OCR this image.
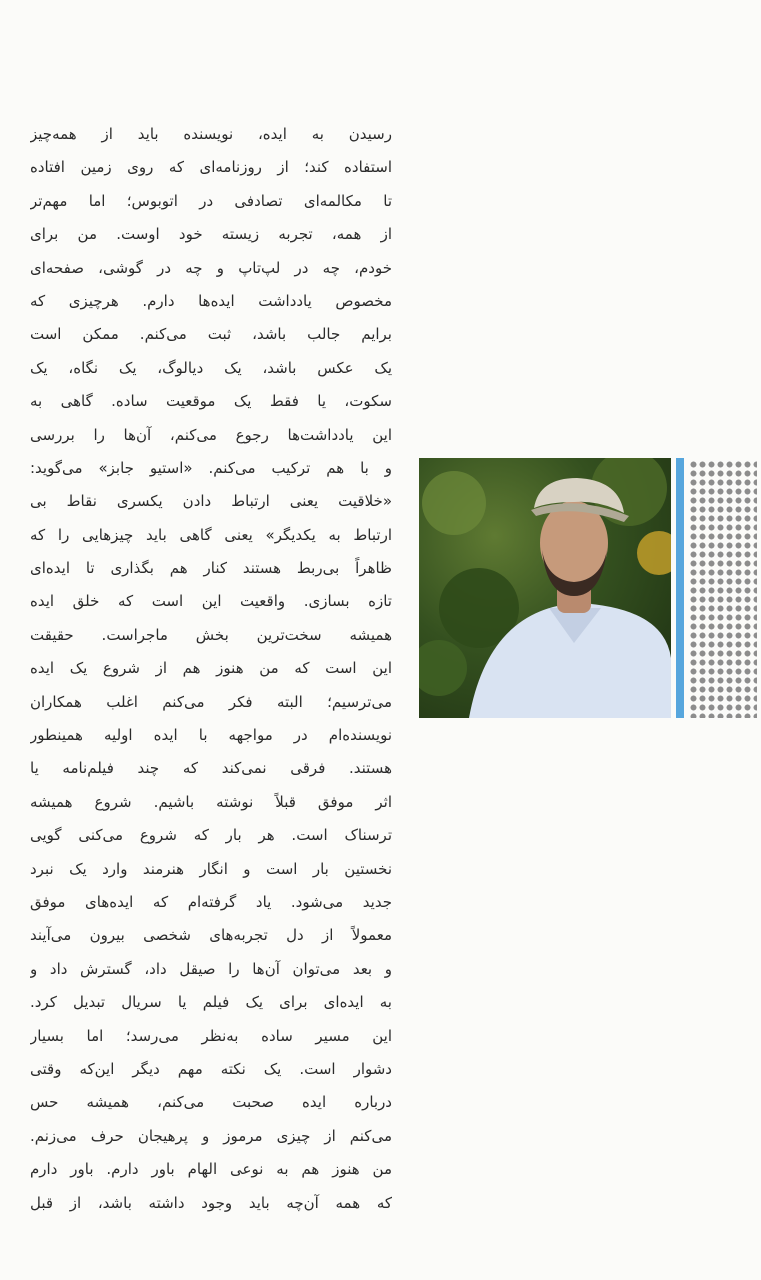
رسیدن به ایده، نویسنده باید از همه‌چیز
استفاده کند؛ از روزنامه‌ای که روی زمین افتاده
تا مکالمه‌ای تصادفی در اتوبوس؛ اما مهم‌تر
از همه، تجربه زیسته خود اوست. من برای
خودم، چه در لپ‌تاپ و چه در گوشی، صفحه‌ای
مخصوص یادداشت ایده‌ها دارم. هرچیزی که
برایم جالب باشد، ثبت می‌کنم. ممکن است
یک عکس باشد، یک دیالوگ، یک نگاه، یک
سکوت، یا فقط یک موقعیت ساده. گاهی به
این یادداشت‌ها رجوع می‌کنم، آن‌ها را بررسی
و با هم ترکیب می‌کنم. «استیو جابز» می‌گوید:
«خلاقیت یعنی ارتباط دادن یکسری نقاط بی
ارتباط به یکدیگر» یعنی گاهی باید چیزهایی را که
ظاهراً بی‌ربط هستند کنار هم بگذاری تا ایده‌ای
تازه بسازی. واقعیت این است که خلق ایده
همیشه سخت‌ترین بخش ماجراست. حقیقت
این است که من هنوز هم از شروع یک ایده
می‌ترسیم؛ البته فکر می‌کنم اغلب همکاران
نویسنده‌ام در مواجهه با ایده اولیه همینطور
هستند. فرقی نمی‌کند که چند فیلم‌نامه یا
اثر موفق قبلاً نوشته باشیم. شروع همیشه
ترسناک است. هر بار که شروع می‌کنی گویی
نخستین بار است و انگار هنرمند وارد یک نبرد
جدید می‌شود. یاد گرفته‌ام که ایده‌های موفق
معمولاً از دل تجربه‌های شخصی بیرون می‌آیند
و بعد می‌توان آن‌ها را صیقل داد، گسترش داد و
به ایده‌ای برای یک فیلم یا سریال تبدیل کرد.
این مسیر ساده به‌نظر می‌رسد؛ اما بسیار
دشوار است. یک نکته مهم دیگر این‌که وقتی
درباره ایده صحبت می‌کنم، همیشه حس
می‌کنم از چیزی مرموز و پرهیجان حرف می‌زنم.
من هنوز هم به نوعی الهام باور دارم. باور دارم
که همه آن‌چه باید وجود داشته باشد، از قبل
